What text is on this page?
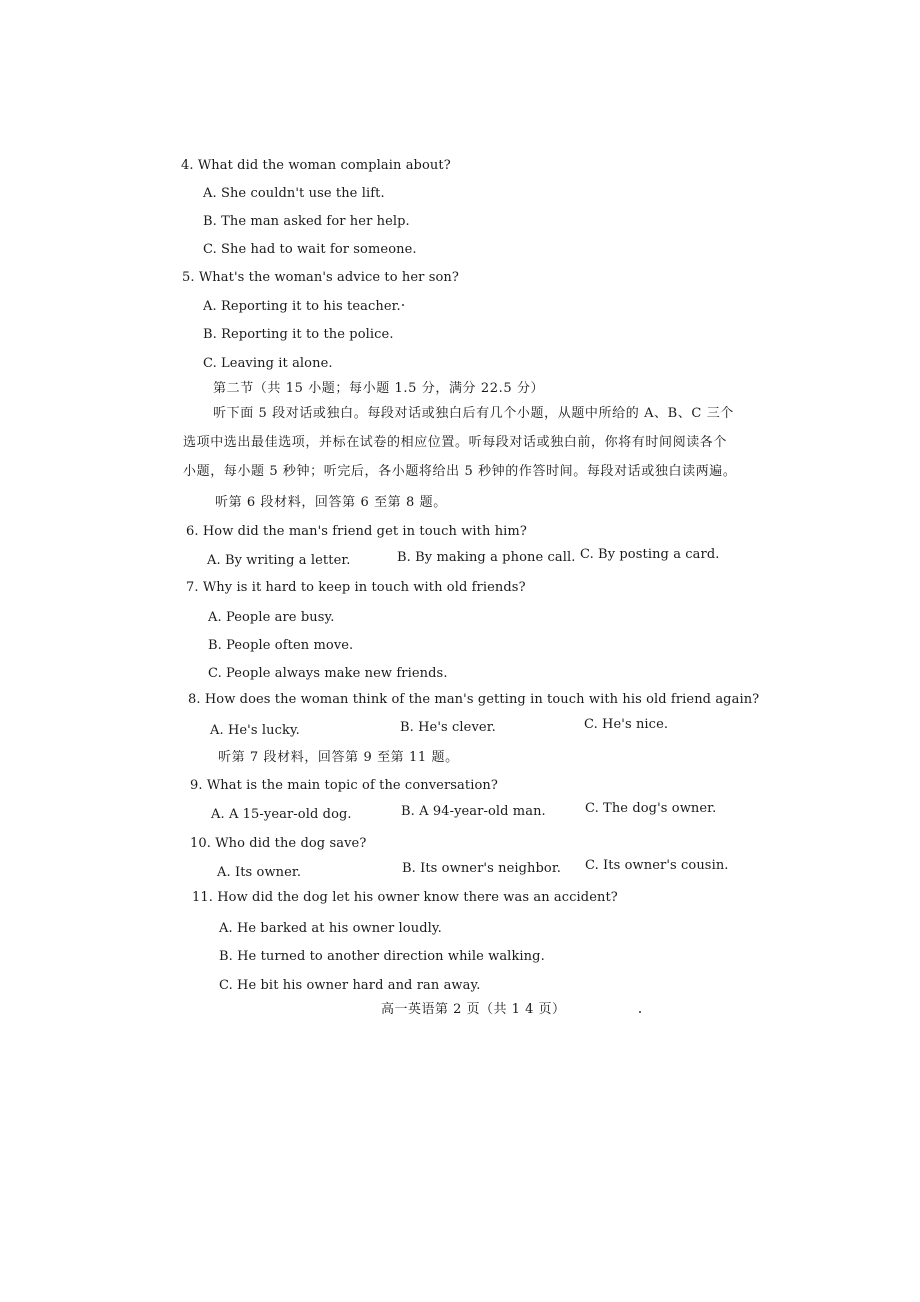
4. What did the woman complain about?
A. She couldn't use the lift.
B. The man asked for her help.
C. She had to wait for someone.
5. What's the woman's advice to her son?
A. Reporting it to his teacher.
B. Reporting it to the police.
C. Leaving it alone.
第二节（共 15 小题；每小题 1.5 分，满分 22.5 分）
听下面 5 段对话或独白。每段对话或独白后有几个小题，从题中所给的 A、B、C 三个
选项中选出最佳选项，并标在试卷的相应位置。听每段对话或独白前，你将有时间阅读各个
小题，每小题 5 秒钟；听完后，各小题将给出 5 秒钟的作答时间。每段对话或独白读两遍。
听第 6 段材料，回答第 6 至第 8 题。
6. How did the man's friend get in touch with him?
A. By writing a letter.	B. By making a phone call. C. By posting a card.
7. Why is it hard to keep in touch with old friends?
A. People are busy.
B. People often move.
C. People always make new friends.
8. How does the woman think of the man's getting in touch with his old friend again?
A. He's lucky.	B. He's clever.	C. He's nice.
听第 7 段材料，回答第 9 至第 11 题。
9. What is the main topic of the conversation?
A. A 15-year-old dog.	B. A 94-year-old man.	C. The dog's owner.
10. Who did the dog save?
A. Its owner.	B. Its owner's neighbor. C. Its owner's cousin.
11. How did the dog let his owner know there was an accident?
A. He barked at his owner loudly.
B. He turned to another direction while walking.
C. He bit his owner hard and ran away.
高一英语第 2 页（共 1 4 页）
